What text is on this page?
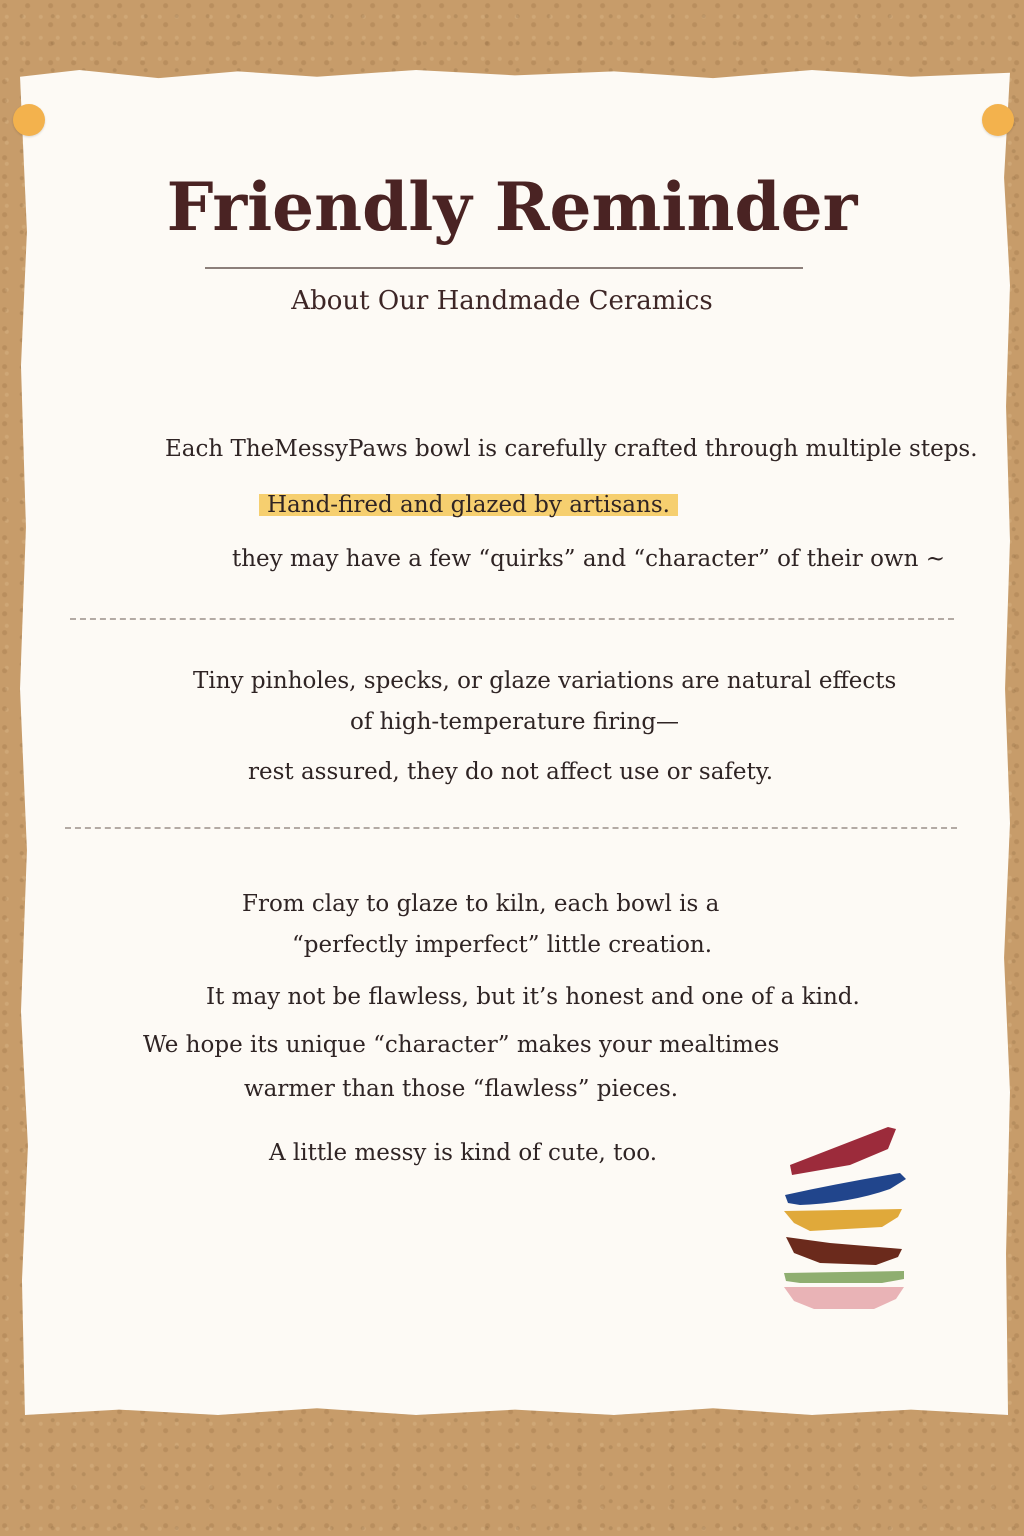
Friendly Reminder
About Our Handmade Ceramics
Each TheMessyPaws bowl is carefully crafted through multiple steps.
Hand-fired and glazed by artisans.
they may have a few “quirks” and “character” of their own ~
Tiny pinholes, specks, or glaze variations are natural effects
of high-temperature firing—
rest assured, they do not affect use or safety.
From clay to glaze to kiln, each bowl is a
“perfectly imperfect” little creation.
It may not be flawless, but it’s honest and one of a kind.
We hope its unique “character” makes your mealtimes
warmer than those “flawless” pieces.
A little messy is kind of cute, too.
